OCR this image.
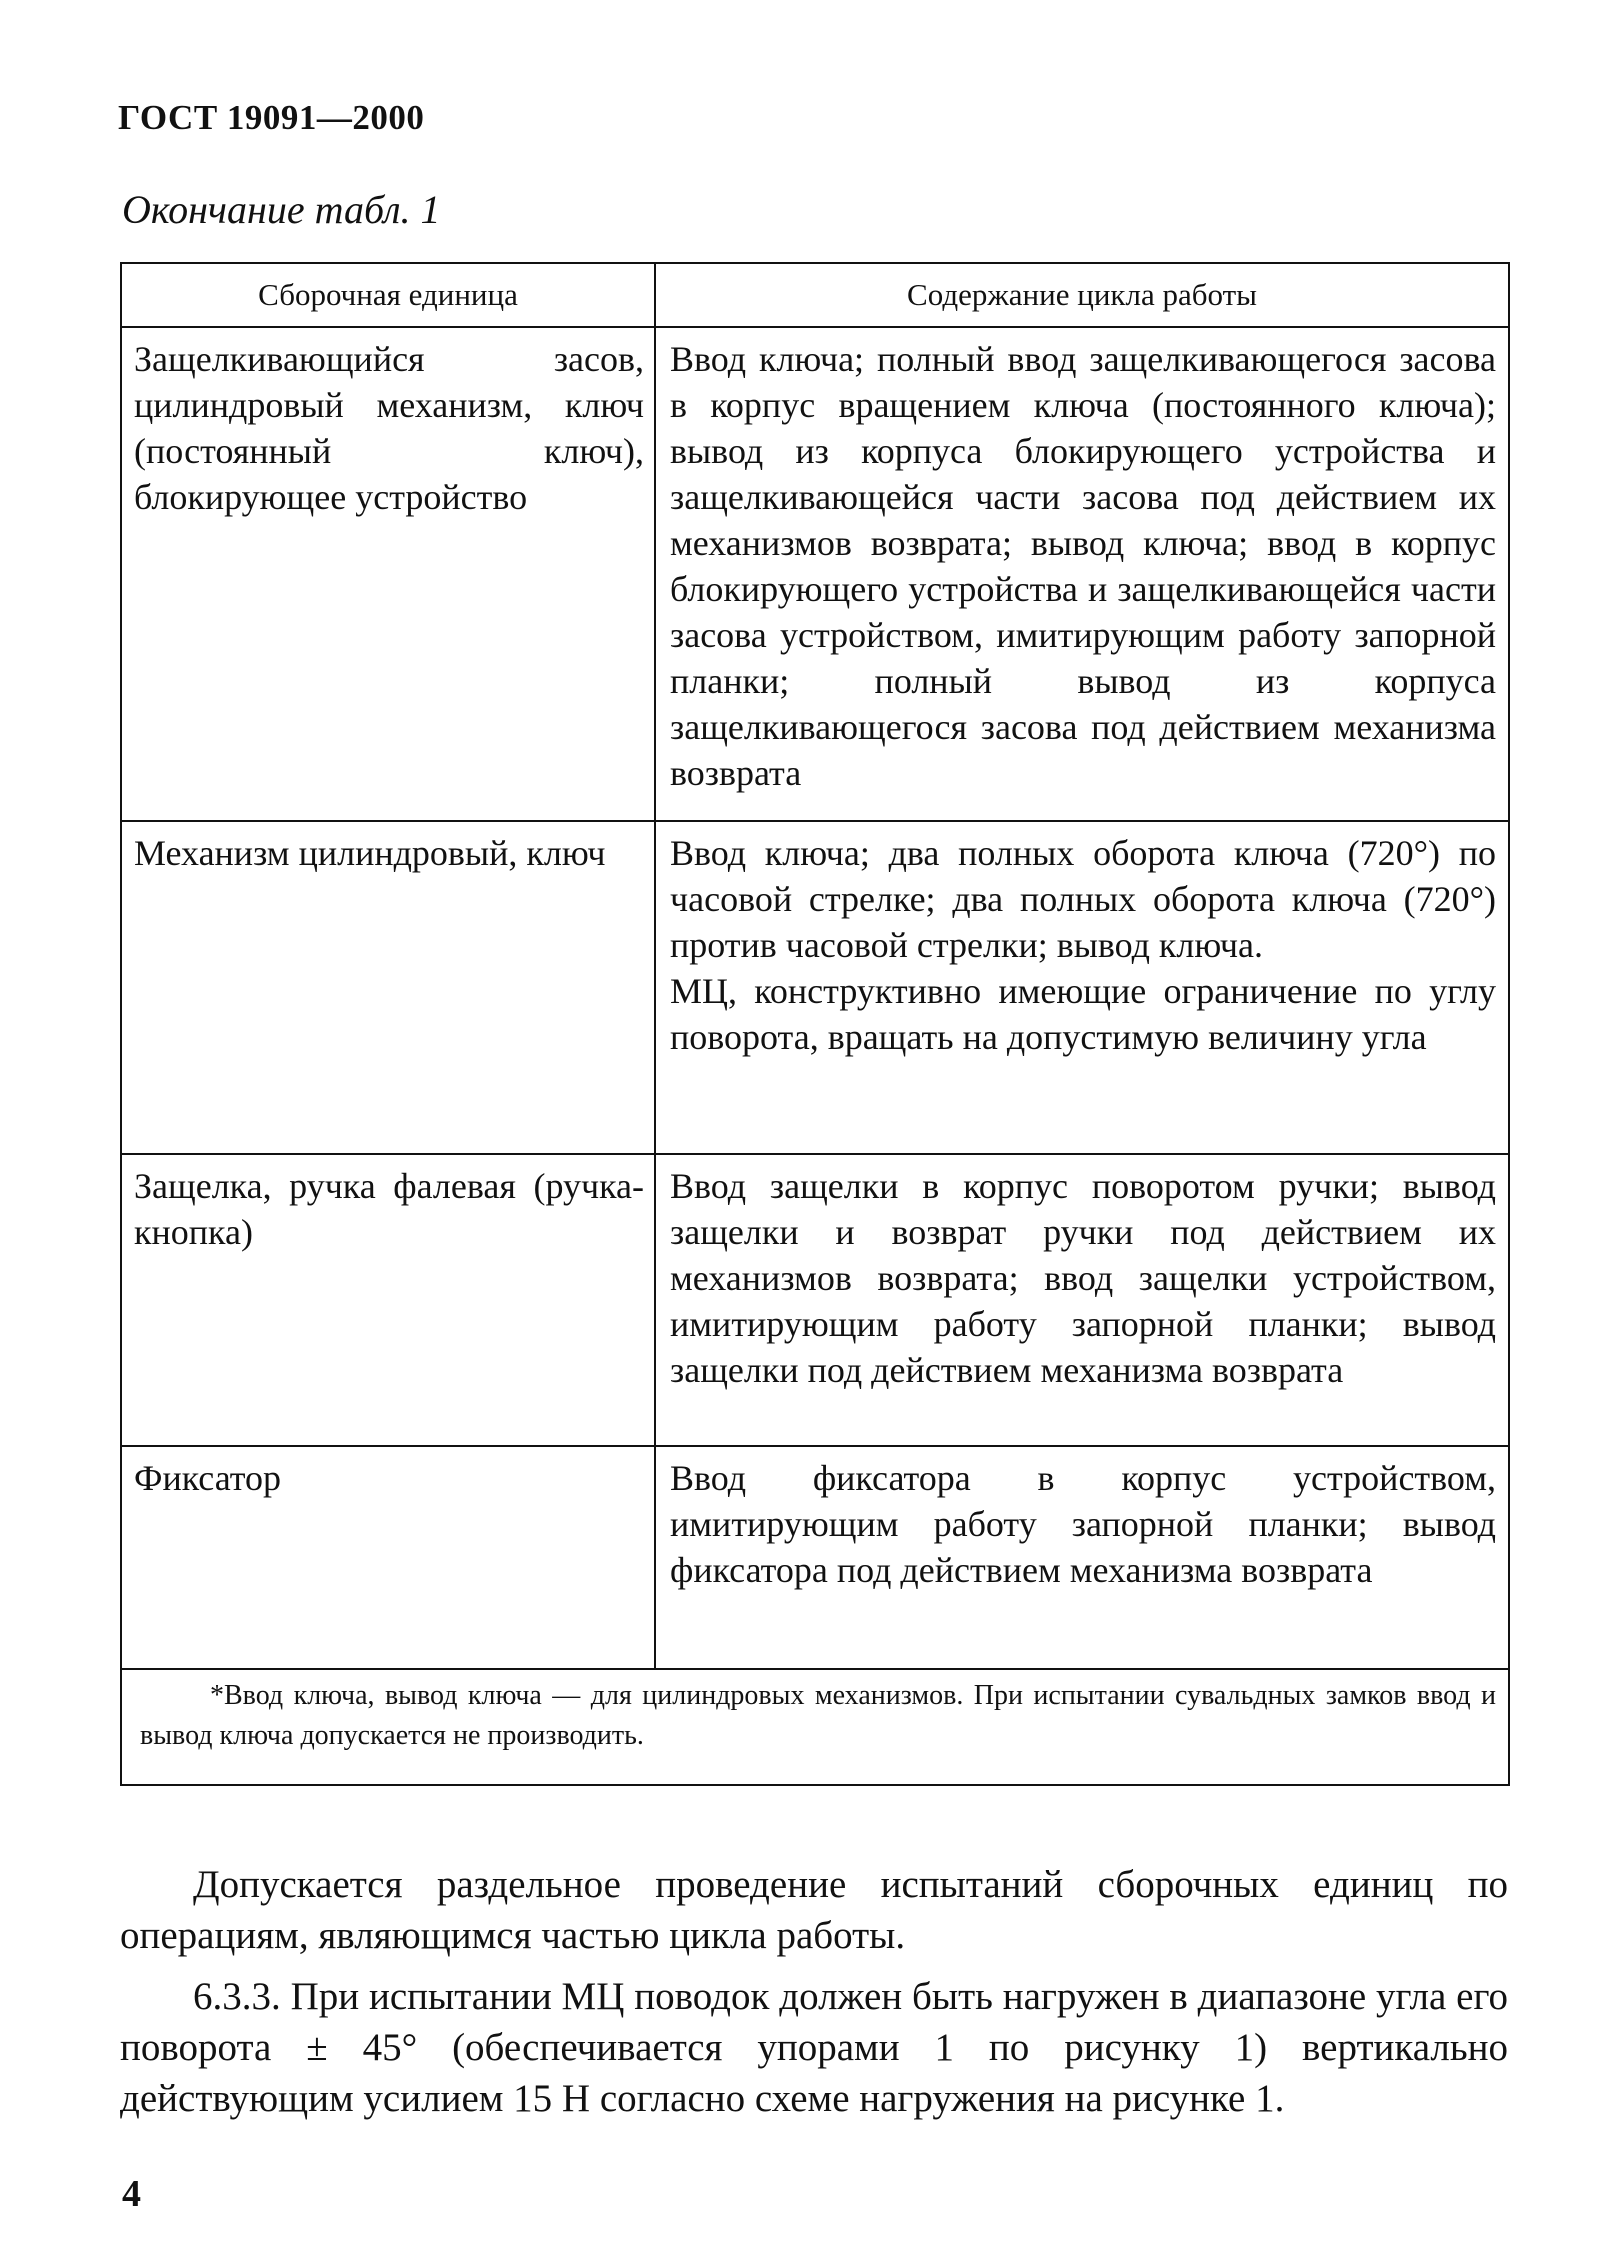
ГОСТ 19091—2000
Окончание табл. 1
Сборочная единица	Содержание цикла работы
Защелкивающийся засов, цилиндровый механизм, ключ (постоянный ключ), блокирующее устройство	Ввод ключа; полный ввод защелкивающегося засова в корпус вращением ключа (постоянного ключа); вывод из корпуса блокирующего устройства и защелкивающейся части засова под действием их механизмов возврата; вывод ключа; ввод в корпус блокирующего устройства и защелкивающейся части засова устройством, имитирующим работу запорной планки; полный вывод из корпуса защелкивающегося засова под действием механизма возврата

Механизм цилиндровый, ключ	Ввод ключа; два полных оборота ключа (720°) по часовой стрелке; два полных оборота ключа (720°) против часовой стрелки; вывод ключа.
МЦ, конструктивно имеющие ограничение по углу поворота, вращать на допустимую величину угла

Защелка, ручка фалевая (ручка-кнопка)	Ввод защелки в корпус поворотом ручки; вывод защелки и возврат ручки под действием их механизмов возврата; ввод защелки устройством, имитирующим работу запорной планки; вывод защелки под действием механизма возврата

Фиксатор	Ввод фиксатора в корпус устройством, имитирующим работу запорной планки; вывод фиксатора под действием механизма возврата

*Ввод ключа, вывод ключа — для цилиндровых механизмов. При испытании сувальдных замков ввод и вывод ключа допускается не производить.	

Допускается раздельное проведение испытаний сборочных единиц по операциям, являющимся частью цикла работы.

6.3.3. При испытании МЦ поводок должен быть нагружен в диапазоне угла его поворота ± 45° (обеспечивается упорами 1 по рисунку 1) вертикально действующим усилием 15 Н согласно схеме нагружения на рисунке 1.

4
